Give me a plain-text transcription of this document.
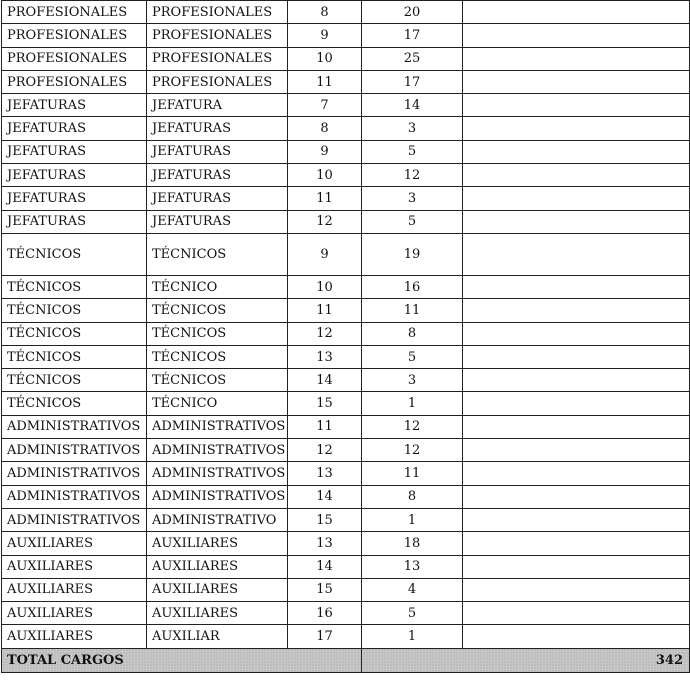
PROFESIONALES	PROFESIONALES	8	20	
PROFESIONALES	PROFESIONALES	9	17	
PROFESIONALES	PROFESIONALES	10	25	
PROFESIONALES	PROFESIONALES	11	17	
JEFATURAS	JEFATURA	7	14	
JEFATURAS	JEFATURAS	8	3	
JEFATURAS	JEFATURAS	9	5	
JEFATURAS	JEFATURAS	10	12	
JEFATURAS	JEFATURAS	11	3	
JEFATURAS	JEFATURAS	12	5	
TÉCNICOS	TÉCNICOS	9	19	
TÉCNICOS	TÉCNICO	10	16	
TÉCNICOS	TÉCNICOS	11	11	
TÉCNICOS	TÉCNICOS	12	8	
TÉCNICOS	TÉCNICOS	13	5	
TÉCNICOS	TÉCNICOS	14	3	
TÉCNICOS	TÉCNICO	15	1	
ADMINISTRATIVOS	ADMINISTRATIVOS	11	12	
ADMINISTRATIVOS	ADMINISTRATIVOS	12	12	
ADMINISTRATIVOS	ADMINISTRATIVOS	13	11	
ADMINISTRATIVOS	ADMINISTRATIVOS	14	8	
ADMINISTRATIVOS	ADMINISTRATIVO	15	1	
AUXILIARES	AUXILIARES	13	18	
AUXILIARES	AUXILIARES	14	13	
AUXILIARES	AUXILIARES	15	4	
AUXILIARES	AUXILIARES	16	5	
AUXILIARES	AUXILIAR	17	1	
TOTAL CARGOS			342	
